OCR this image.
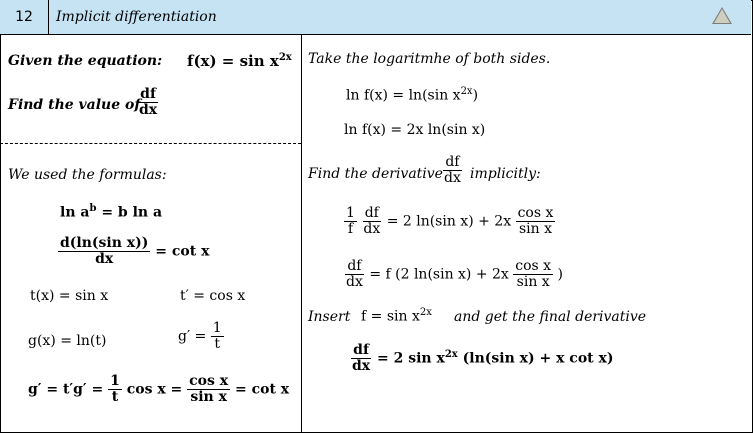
12	Implicit differentiation
Given the equation: $f(x) = \sin x^{2x}$
Find the value of
$\frac{df}{dx}$
We used the formulas:
$\ln a^b = b$ ln a
$\frac{\text{d(ln(sin x))}}{dx} = \cot x$
t(x) = sin x	t′ = cos x
g(x) = ln(t)	$g' = \frac{1}{t}$
$g' = t'g' = \frac{1}{t}$ $\cos x = \frac{\text{cos x}}{\text{sin x}} = \cot x$
Take the logaritmhe of both sides.
ln f(x) = ln(sin $x^{2x}$)
ln f(x) = 2x ln(sin x)
Find the derivative $\frac{df}{dx}$ implicitly:
$\frac{1}{f}$
$\frac{df}{dx} = 2$ ln(sin $x) + 2x \frac{\text{cos x}}{\text{sin x}}$
$\frac{df}{dx} = f$ (2 ln(sin $x) + 2x \frac{\text{cos x}}{\text{sin x}}$ )
Insert $f = \sin x^{2x}$ and get the final derivative
$\frac{df}{dx} = 2$ $\sin x^{2x}$ (ln(sin x) + x cot x)
